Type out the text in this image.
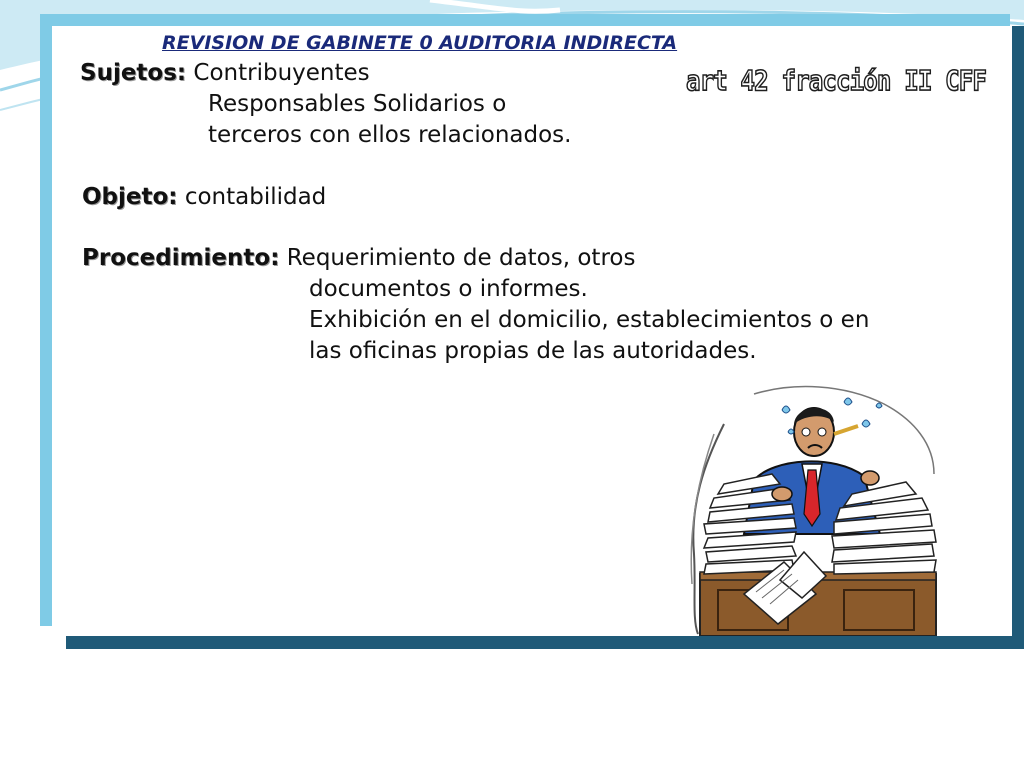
REVISION DE GABINETE 0 AUDITORIA INDIRECTA
art 42 fracción II CFF
Sujetos: Contribuyentes
Responsables Solidarios o
terceros con ellos relacionados.
Objeto: contabilidad
Procedimiento: Requerimiento de datos, otros
documentos o informes.
Exhibición en el domicilio, establecimientos o en
las oficinas propias de las autoridades.
